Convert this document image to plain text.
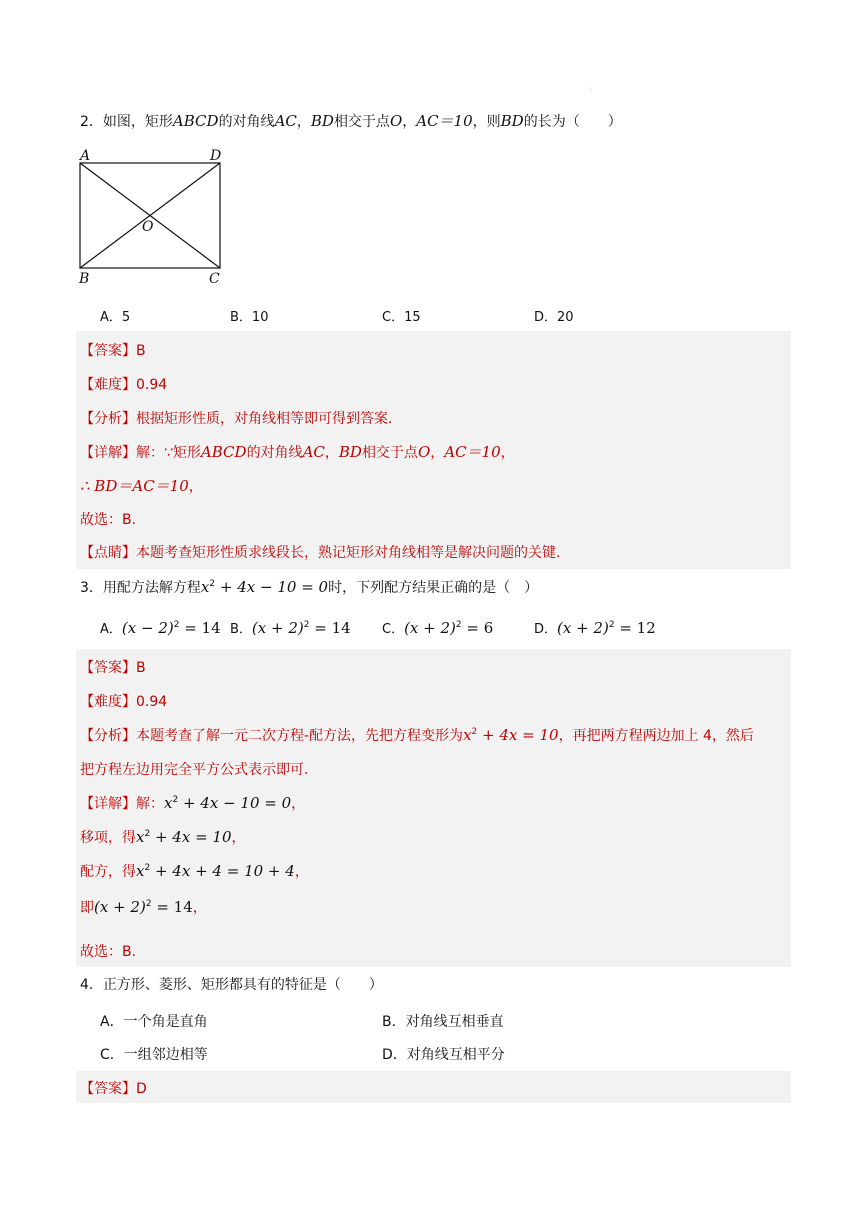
:
2．如图，矩形ABCD的对角线AC，BD相交于点O，AC＝10，则BD的长为（　　）
A	D
B	C
O
A．5	B．10	C．15	D．20
【答案】B
【难度】0.94
【分析】根据矩形性质，对角线相等即可得到答案.
【详解】解：∵矩形ABCD的对角线AC，BD相交于点O，AC＝10，
∴ BD＝AC＝10，
故选：B.
【点睛】本题考查矩形性质求线段长，熟记矩形对角线相等是解决问题的关键.
3．用配方法解方程$x^2 + 4x - 10 = 0$时，下列配方结果正确的是（　）
A．$(x - 2)^2 = 14$ B．$(x + 2)^2 = 14$ C．$(x + 2)^2 = 6$	D．$(x + 2)^2 = 12$
【答案】B
【难度】0.94
【分析】本题考查了解一元二次方程-配方法，先把方程变形为$x^2 + 4x = 10$，再把两方程两边加上 4，然后
把方程左边用完全平方公式表示即可.
【详解】解：$x^2 + 4x - 10 = 0$，
移项，得$x^2 + 4x = 10$，
配方，得$x^2 + 4x + 4 = 10 + 4$，
即$(x + 2)^2 = 14$，
故选：B.
4．正方形、菱形、矩形都具有的特征是（　　）
A．一个角是直角	B．对角线互相垂直
C．一组邻边相等	D．对角线互相平分
【答案】D
